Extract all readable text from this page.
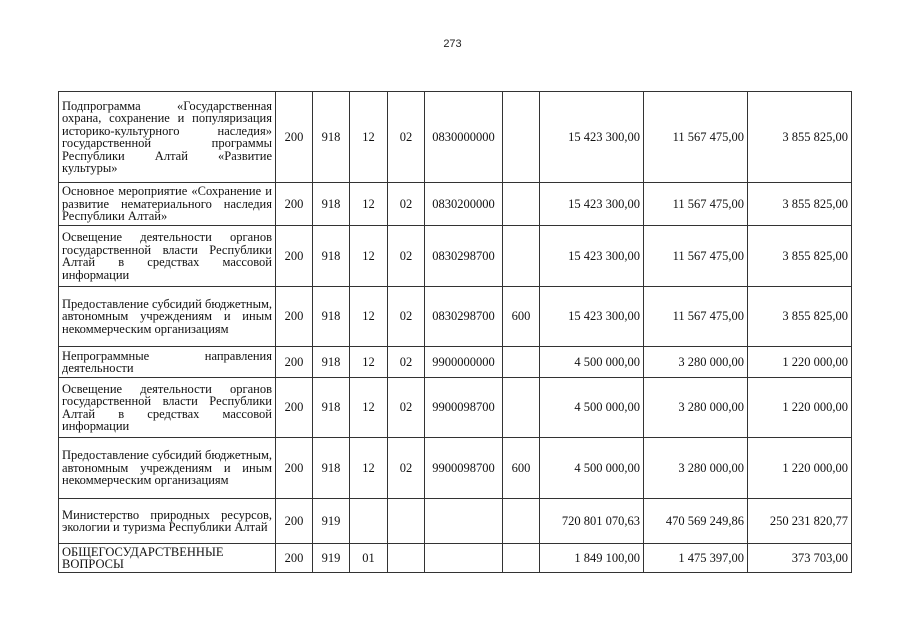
273
Подпрограмма «Государственная охрана, сохранение и популяризация историко-культурного наследия» государственной программы Республики Алтай «Развитие культуры»	200	918	12	02	0830000000		15 423 300,00	11 567 475,00	3 855 825,00
Основное мероприятие «Сохранение и развитие нематериального наследия Республики Алтай»	200	918	12	02	0830200000		15 423 300,00	11 567 475,00	3 855 825,00
Освещение деятельности органов государственной власти Республики Алтай в средствах массовой информации	200	918	12	02	0830298700		15 423 300,00	11 567 475,00	3 855 825,00
Предоставление субсидий бюджетным, автономным учреждениям и иным некоммерческим организациям	200	918	12	02	0830298700	600	15 423 300,00	11 567 475,00	3 855 825,00
Непрограммные направления деятельности	200	918	12	02	9900000000		4 500 000,00	3 280 000,00	1 220 000,00
Освещение деятельности органов государственной власти Республики Алтай в средствах массовой информации	200	918	12	02	9900098700		4 500 000,00	3 280 000,00	1 220 000,00
Предоставление субсидий бюджетным, автономным учреждениям и иным некоммерческим организациям	200	918	12	02	9900098700	600	4 500 000,00	3 280 000,00	1 220 000,00
Министерство природных ресурсов, экологии и туризма Республики Алтай	200	919					720 801 070,63	470 569 249,86	250 231 820,77
ОБЩЕГОСУДАРСТВЕННЫЕ ВОПРОСЫ	200	919	01				1 849 100,00	1 475 397,00	373 703,00
